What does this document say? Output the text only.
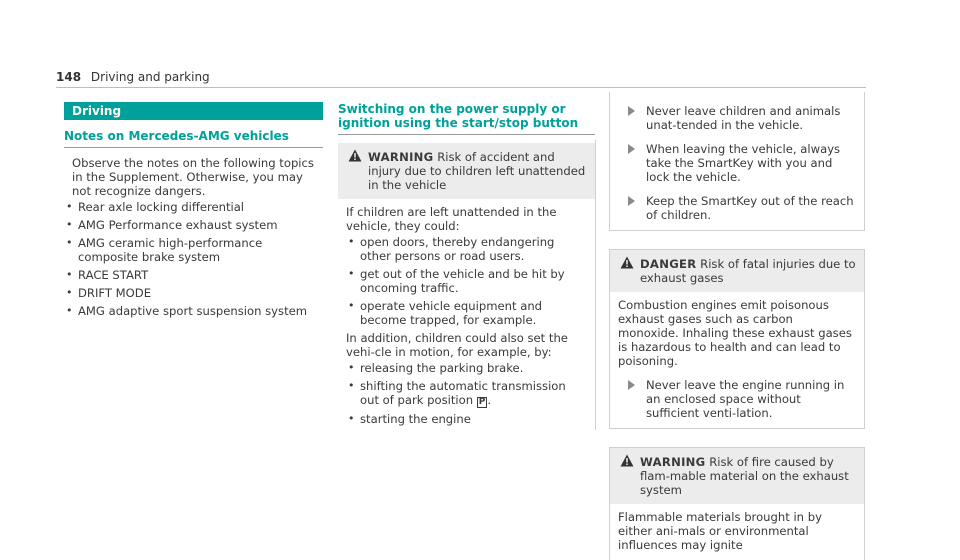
148 Driving and parking
Driving
Notes on Mercedes-AMG vehicles
Observe the notes on the following topics in the Supplement. Otherwise, you may not recognize dangers.
• Rear axle locking differential
• AMG Performance exhaust system
• AMG ceramic high-performance composite brake system
• RACE START
• DRIFT MODE
• AMG adaptive sport suspension system
Switching on the power supply or ignition using the start/stop button
WARNING Risk of accident and injury due to children left unattended in the vehicle
If children are left unattended in the vehicle, they could:
• open doors, thereby endangering other persons or road users.
• get out of the vehicle and be hit by oncoming traffic.
• operate vehicle equipment and become trapped, for example.
In addition, children could also set the vehi-cle in motion, for example, by:
• releasing the parking brake.
• shifting the automatic transmission out of park position P .
• starting the engine
Never leave children and animals unat-tended in the vehicle.
When leaving the vehicle, always take the SmartKey with you and lock the vehicle.
Keep the SmartKey out of the reach of children.
DANGER Risk of fatal injuries due to exhaust gases
Combustion engines emit poisonous exhaust gases such as carbon monoxide. Inhaling these exhaust gases is hazardous to health and can lead to poisoning.
Never leave the engine running in an enclosed space without sufficient venti-lation.
WARNING Risk of fire caused by flam-mable material on the exhaust system
Flammable materials brought in by either ani-mals or environmental influences may ignite
